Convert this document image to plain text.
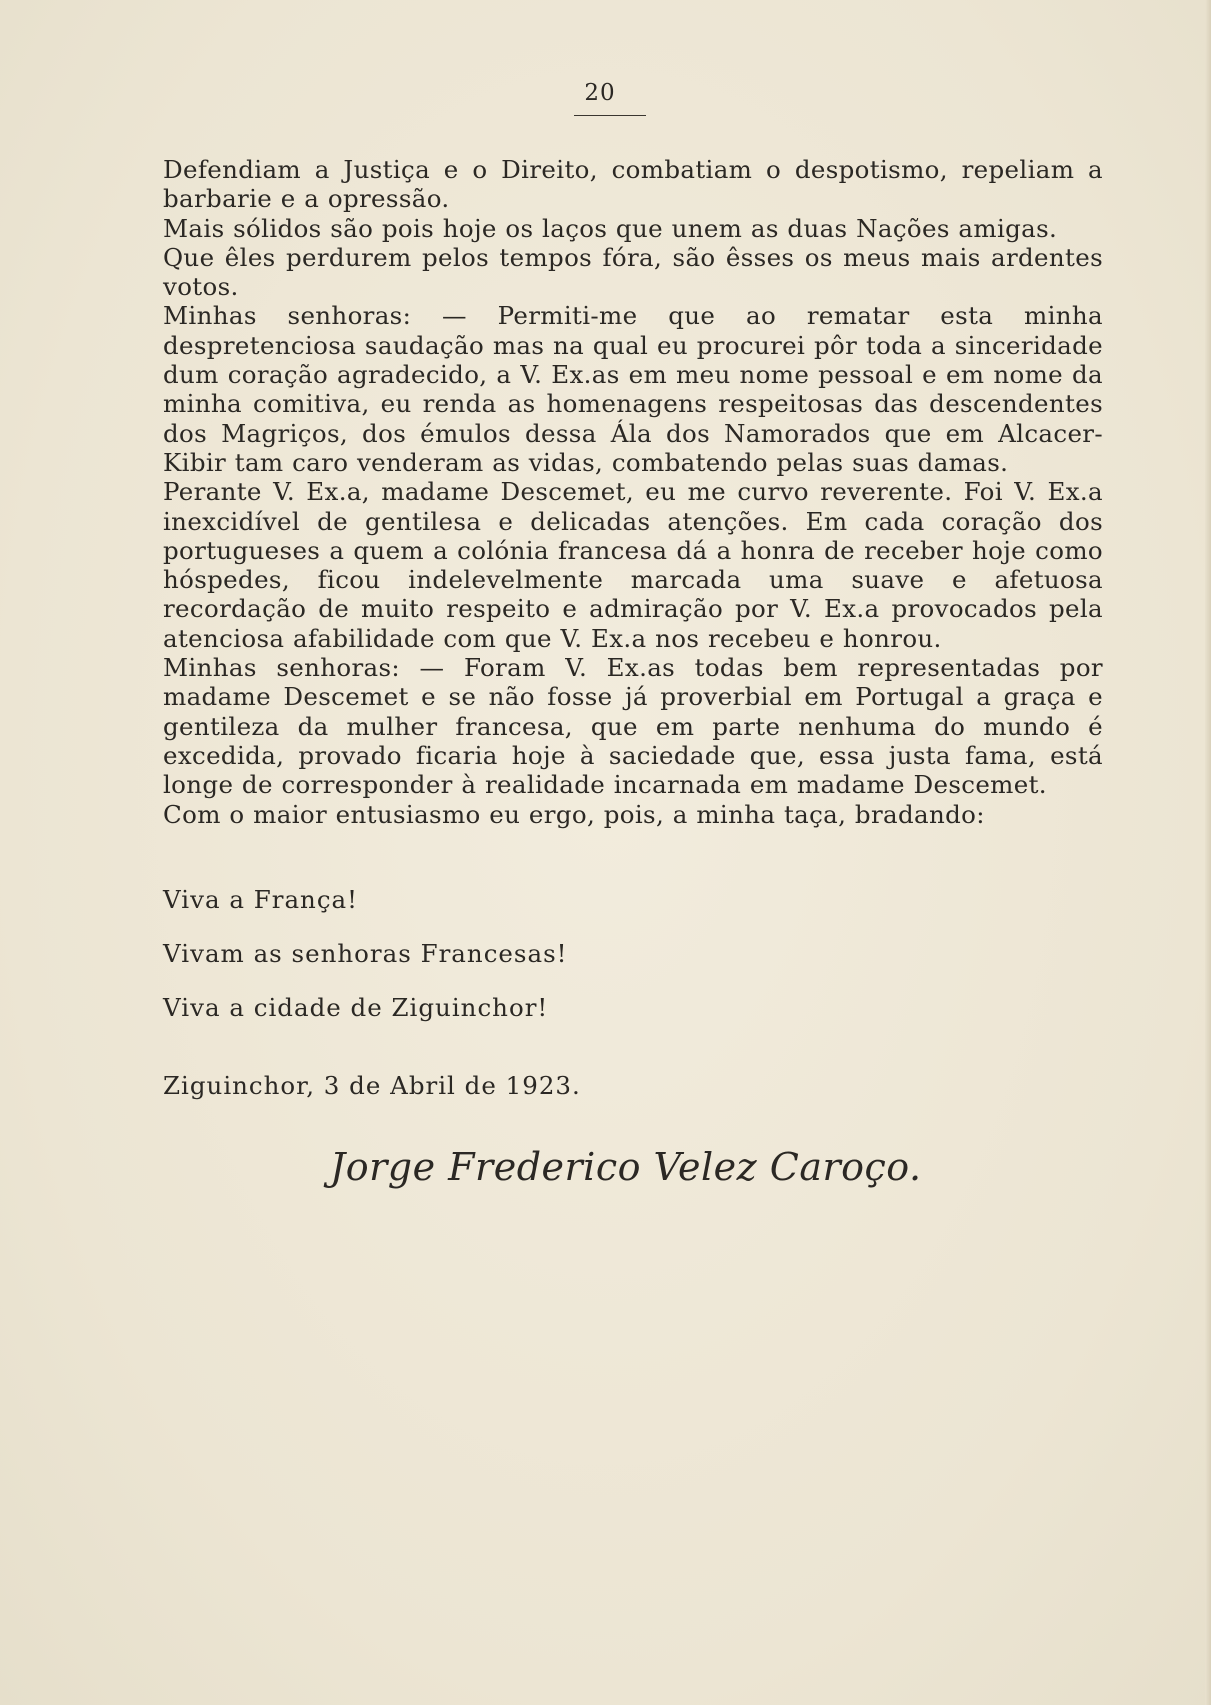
20

Defendiam a Justiça e o Direito, combatiam o despotismo, repeliam a barbarie e a opressão.

Mais sólidos são pois hoje os laços que unem as duas Nações amigas.

Que êles perdurem pelos tempos fóra, são êsses os meus mais ardentes votos.

Minhas senhoras: — Permiti-me que ao rematar esta minha despretenciosa saudação mas na qual eu procurei pôr toda a sinceridade dum coração agradecido, a V. Ex.as em meu nome pessoal e em nome da minha comitiva, eu renda as homenagens respeitosas das descendentes dos Magriços, dos émulos dessa Ála dos Namorados que em Alcacer-Kibir tam caro venderam as vidas, combatendo pelas suas damas.

Perante V. Ex.a, madame Descemet, eu me curvo reverente. Foi V. Ex.a inexcidível de gentilesa e delicadas atenções. Em cada coração dos portugueses a quem a colónia francesa dá a honra de receber hoje como hóspedes, ficou indelevelmente marcada uma suave e afetuosa recordação de muito respeito e admiração por V. Ex.a provocados pela atenciosa afabilidade com que V. Ex.a nos recebeu e honrou.

Minhas senhoras: — Foram V. Ex.as todas bem representadas por madame Descemet e se não fosse já proverbial em Portugal a graça e gentileza da mulher francesa, que em parte nenhuma do mundo é excedida, provado ficaria hoje à saciedade que, essa justa fama, está longe de corresponder à realidade incarnada em madame Descemet.

Com o maior entusiasmo eu ergo, pois, a minha taça, bradando:

Viva a França!

Vivam as senhoras Francesas!

Viva a cidade de Ziguinchor!

Ziguinchor, 3 de Abril de 1923.

Jorge Frederico Velez Caroço.
